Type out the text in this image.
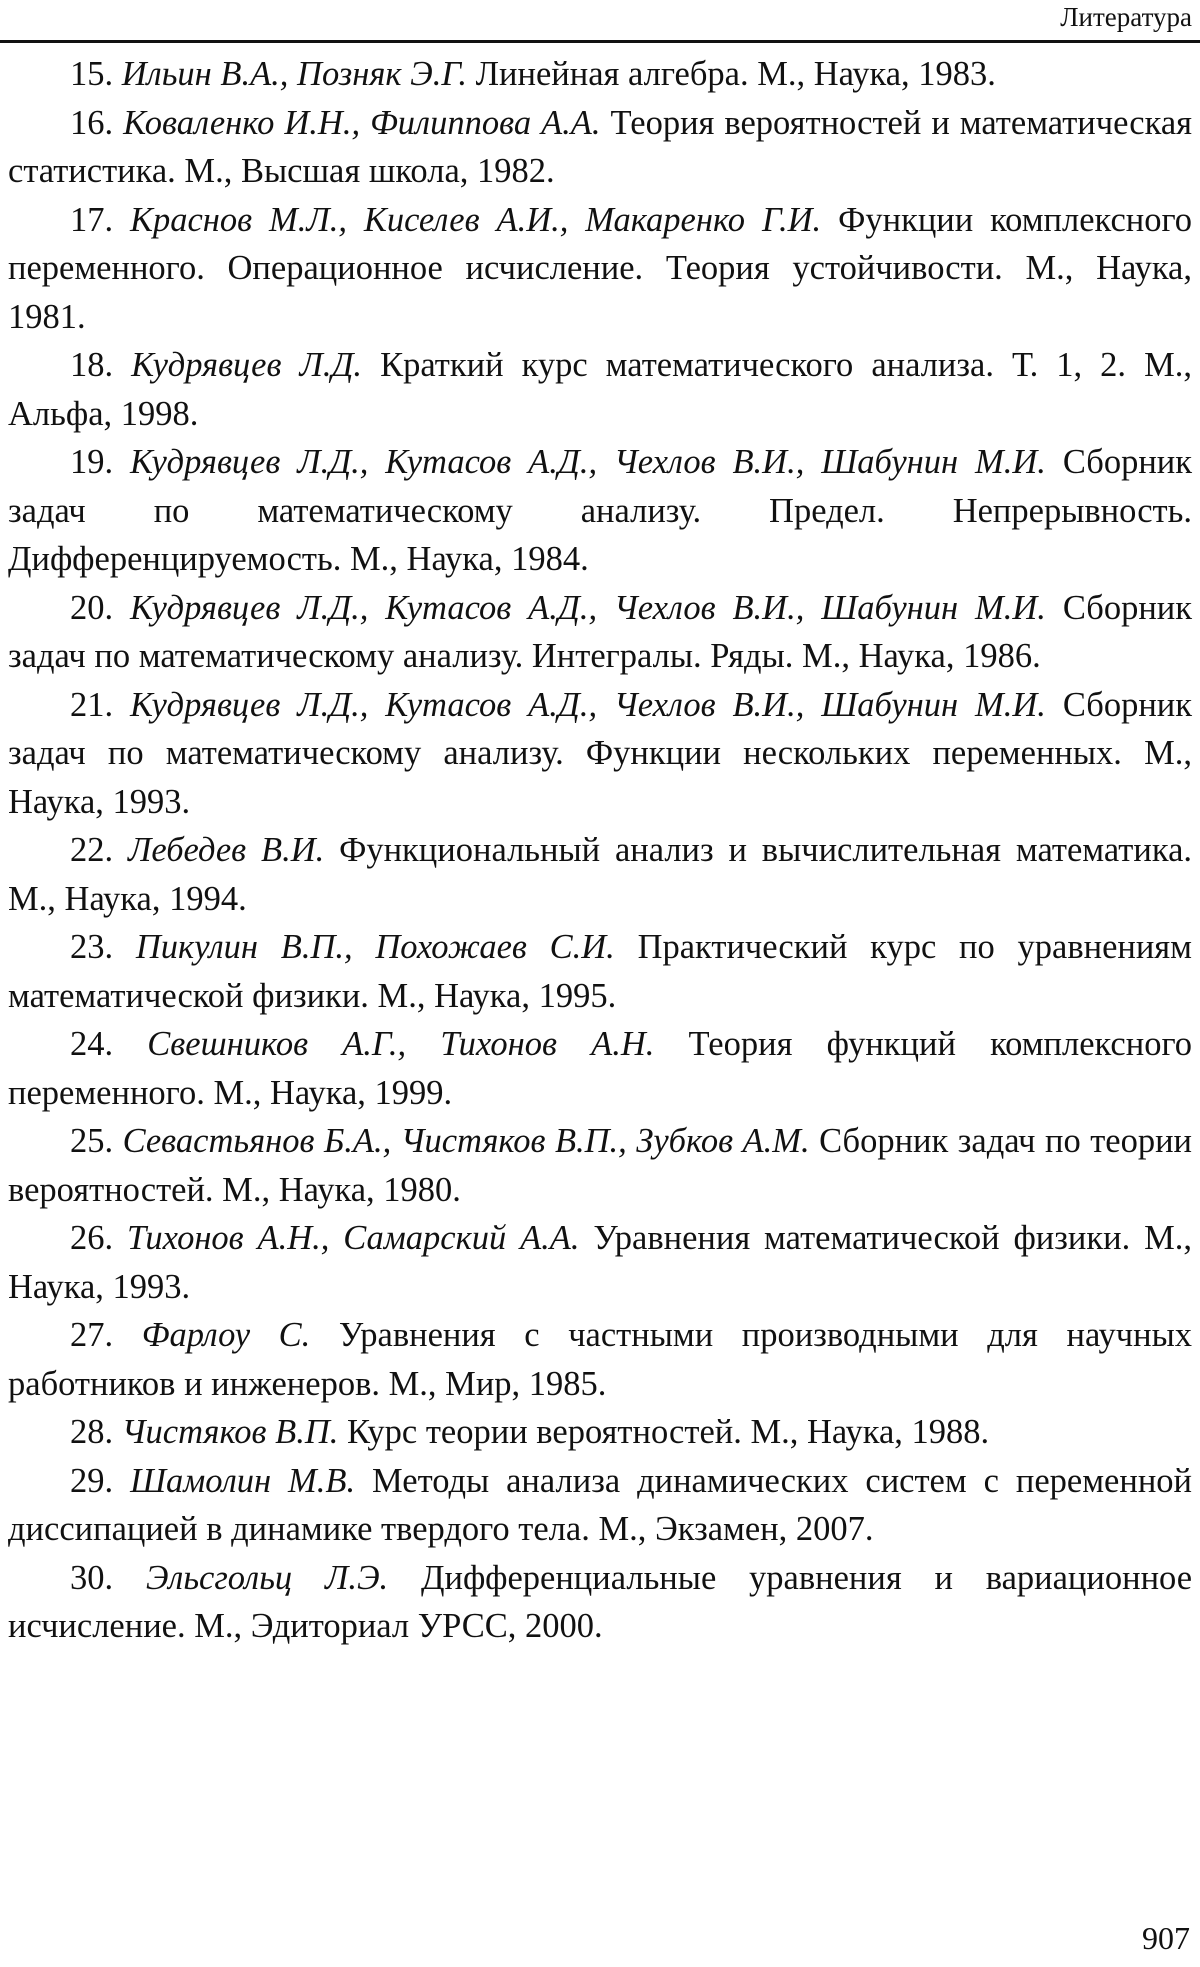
Литература
15. Ильин В.А., Позняк Э.Г. Линейная алгебра. М., Наука, 1983.
16. Коваленко И.Н., Филиппова А.А. Теория вероятностей и математическая статистика. М., Высшая школа, 1982.
17. Краснов М.Л., Киселев А.И., Макаренко Г.И. Функции комплексного переменного. Операционное исчисление. Теория устойчивости. М., Наука, 1981.
18. Кудрявцев Л.Д. Краткий курс математического анализа. Т. 1, 2. М., Альфа, 1998.
19. Кудрявцев Л.Д., Кутасов А.Д., Чехлов В.И., Шабунин М.И. Сборник задач по математическому анализу. Предел. Непрерывность. Дифференцируемость. М., Наука, 1984.
20. Кудрявцев Л.Д., Кутасов А.Д., Чехлов В.И., Шабунин М.И. Сборник задач по математическому анализу. Интегралы. Ряды. М., Наука, 1986.
21. Кудрявцев Л.Д., Кутасов А.Д., Чехлов В.И., Шабунин М.И. Сборник задач по математическому анализу. Функции нескольких переменных. М., Наука, 1993.
22. Лебедев В.И. Функциональный анализ и вычислительная математика. М., Наука, 1994.
23. Пикулин В.П., Похожаев С.И. Практический курс по уравнениям математической физики. М., Наука, 1995.
24. Свешников А.Г., Тихонов А.Н. Теория функций комплексного переменного. М., Наука, 1999.
25. Севастьянов Б.А., Чистяков В.П., Зубков А.М. Сборник задач по теории вероятностей. М., Наука, 1980.
26. Тихонов А.Н., Самарский А.А. Уравнения математической физики. М., Наука, 1993.
27. Фарлоу С. Уравнения с частными производными для научных работников и инженеров. М., Мир, 1985.
28. Чистяков В.П. Курс теории вероятностей. М., Наука, 1988.
29. Шамолин М.В. Методы анализа динамических систем с переменной диссипацией в динамике твердого тела. М., Экзамен, 2007.
30. Эльсгольц Л.Э. Дифференциальные уравнения и вариационное исчисление. М., Эдиториал УРСС, 2000.
907
